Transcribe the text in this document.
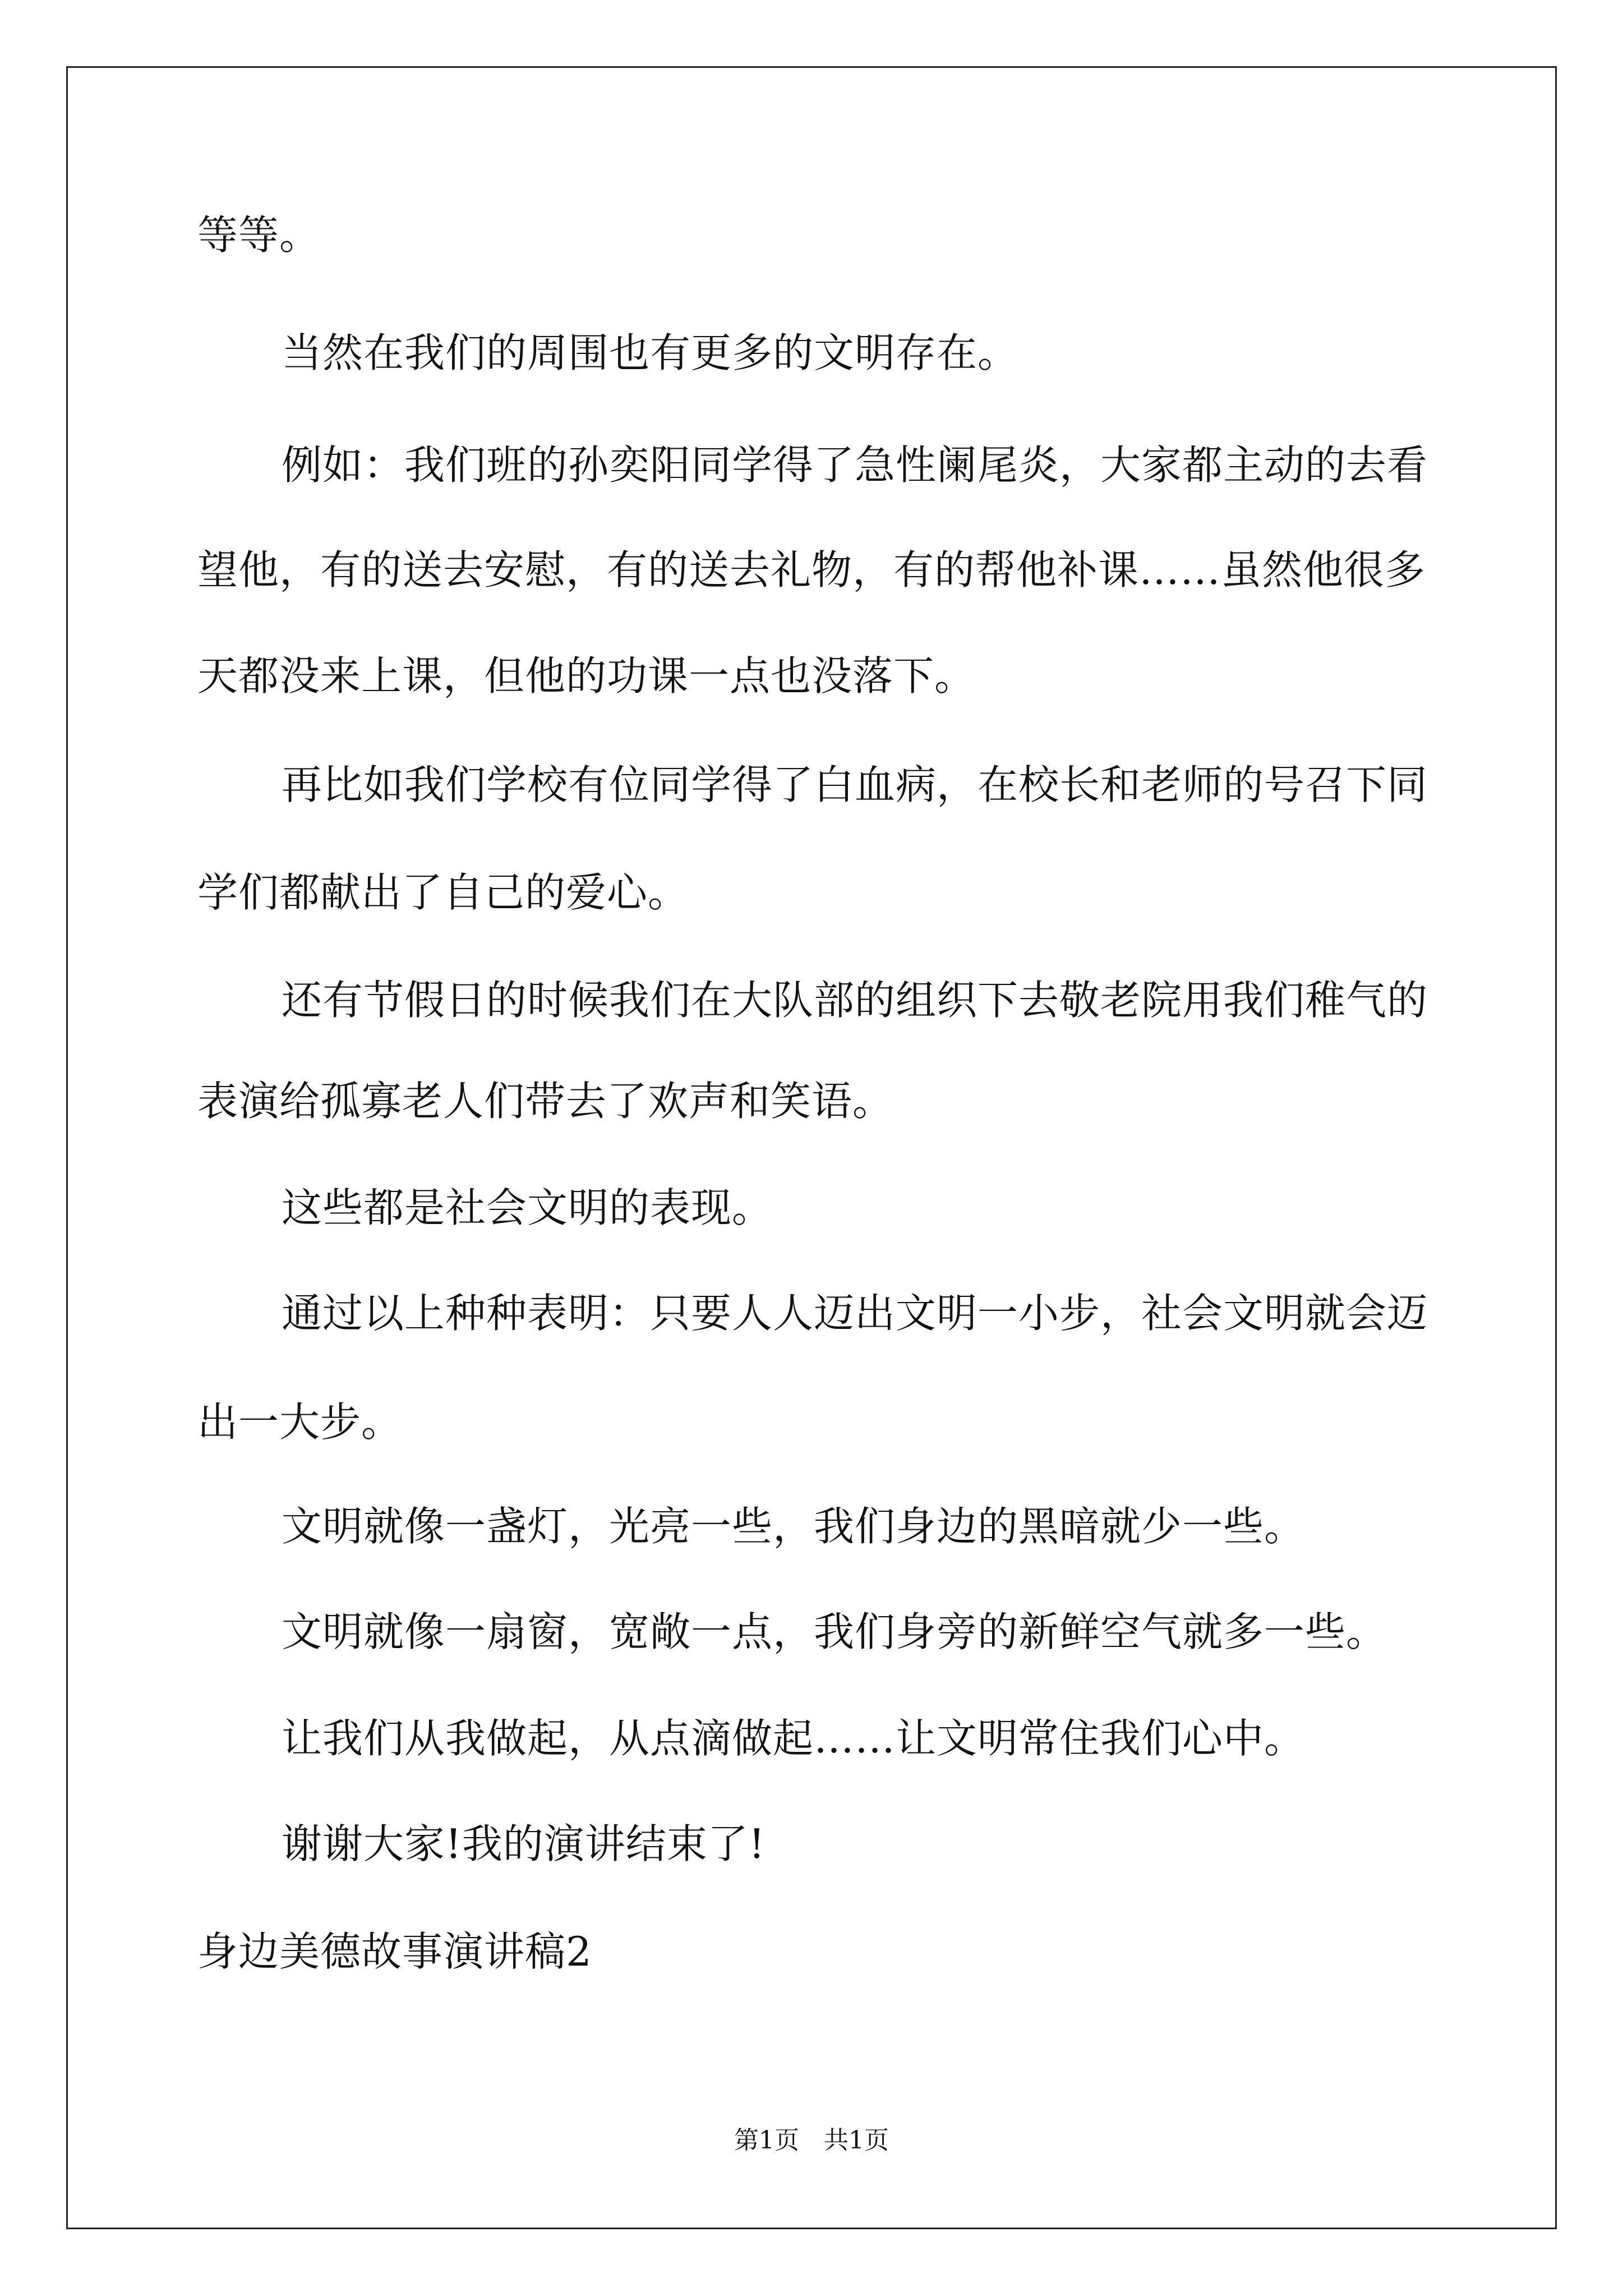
等等。

当然在我们的周围也有更多的文明存在。

例如：我们班的孙奕阳同学得了急性阑尾炎，大家都主动的去看

望他，有的送去安慰，有的送去礼物，有的帮他补课……虽然他很多

天都没来上课，但他的功课一点也没落下。

再比如我们学校有位同学得了白血病，在校长和老师的号召下同

学们都献出了自己的爱心。

还有节假日的时候我们在大队部的组织下去敬老院用我们稚气的

表演给孤寡老人们带去了欢声和笑语。

这些都是社会文明的表现。

通过以上种种表明：只要人人迈出文明一小步，社会文明就会迈

出一大步。

文明就像一盏灯，光亮一些，我们身边的黑暗就少一些。

文明就像一扇窗，宽敞一点，我们身旁的新鲜空气就多一些。

让我们从我做起，从点滴做起……让文明常住我们心中。

谢谢大家!我的演讲结束了!

身边美德故事演讲稿2

第1页 共1页
